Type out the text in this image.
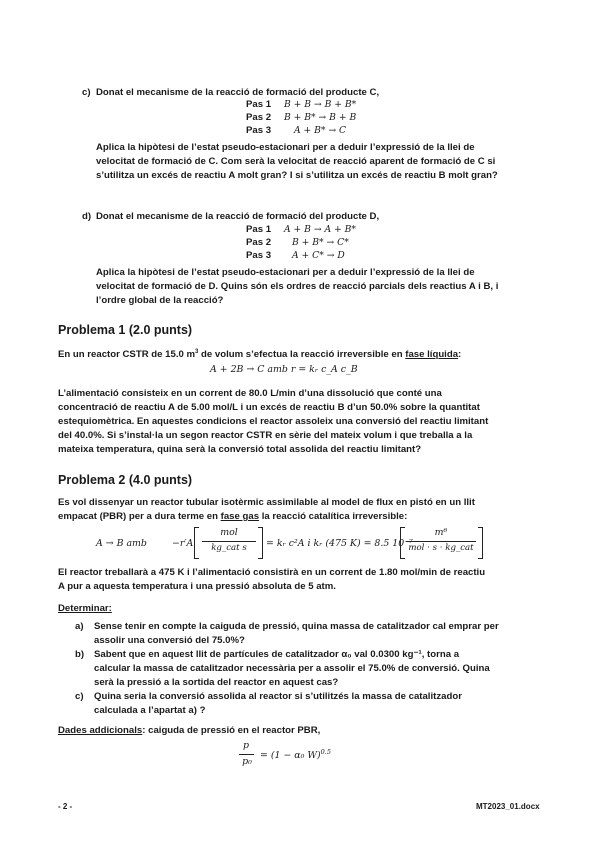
c) Donat el mecanisme de la reacció de formació del producte C,
Pas 1 B + B → B + B*
Pas 2 B + B* → B + B
Pas 3 A + B* → C
Aplica la hipòtesi de l’estat pseudo-estacionari per a deduir l’expressió de la llei de
velocitat de formació de C. Com serà la velocitat de reacció aparent de formació de C si
s’utilitza un excés de reactiu A molt gran? I si s’utilitza un excés de reactiu B molt gran?
d) Donat el mecanisme de la reacció de formació del producte D,
Pas 1 A + B → A + B*
Pas 2 B + B* → C*
Pas 3 A + C* → D
Aplica la hipòtesi de l’estat pseudo-estacionari per a deduir l’expressió de la llei de
velocitat de formació de D. Quins són els ordres de reacció parcials dels reactius A i B, i
l’ordre global de la reacció?
Problema 1 (2.0 punts)
En un reactor CSTR de 15.0 $m^3$ de volum s’efectua la reacció irreversible en fase líquida:
A + 2B → C amb r = kᵣ c_A c_B
L’alimentació consisteix en un corrent de 80.0 L/min d’una dissolució que conté una
concentració de reactiu A de 5.00 mol/L i un excés de reactiu B d’un 50.0% sobre la quantitat
estequiomètrica. En aquestes condicions el reactor assoleix una conversió del reactiu limitant
del 40.0%. Si s’instal·la un segon reactor CSTR en sèrie del mateix volum i que treballa a la
mateixa temperatura, quina serà la conversió total assolida del reactiu limitant?
Problema 2 (4.0 punts)
Es vol dissenyar un reactor tubular isotèrmic assimilable al model de flux en pistó en un llit
empacat (PBR) per a dura terme en fase gas la reacció catalítica irreversible:
A → B amb	−r′A
mol
kg_cat s	= kᵣ c²A i kᵣ (475 K) = 8.5 10⁻⁷
m⁶
mol · s · kg_cat
El reactor treballarà a 475 K i l’alimentació consistirà en un corrent de 1.80 mol/min de reactiu
A pur a aquesta temperatura i una pressió absoluta de 5 atm.
Determinar:
a) Sense tenir en compte la caiguda de pressió, quina massa de catalitzador cal emprar per
assolir una conversió del 75.0%?
b) Sabent que en aquest llit de partícules de catalitzador α₀ val 0.0300 kg⁻¹, torna a
calcular la massa de catalitzador necessària per a assolir el 75.0% de conversió. Quina
serà la pressió a la sortida del reactor en aquest cas?
c) Quina seria la conversió assolida al reactor si s’utilitzés la massa de catalitzador
calculada a l’apartat a) ?
Dades addicionals: caiguda de pressió en el reactor PBR,
p
p₀
= (1 − α₀ W)$^{0.5}$
- 2 -	MT2023_01.docx
